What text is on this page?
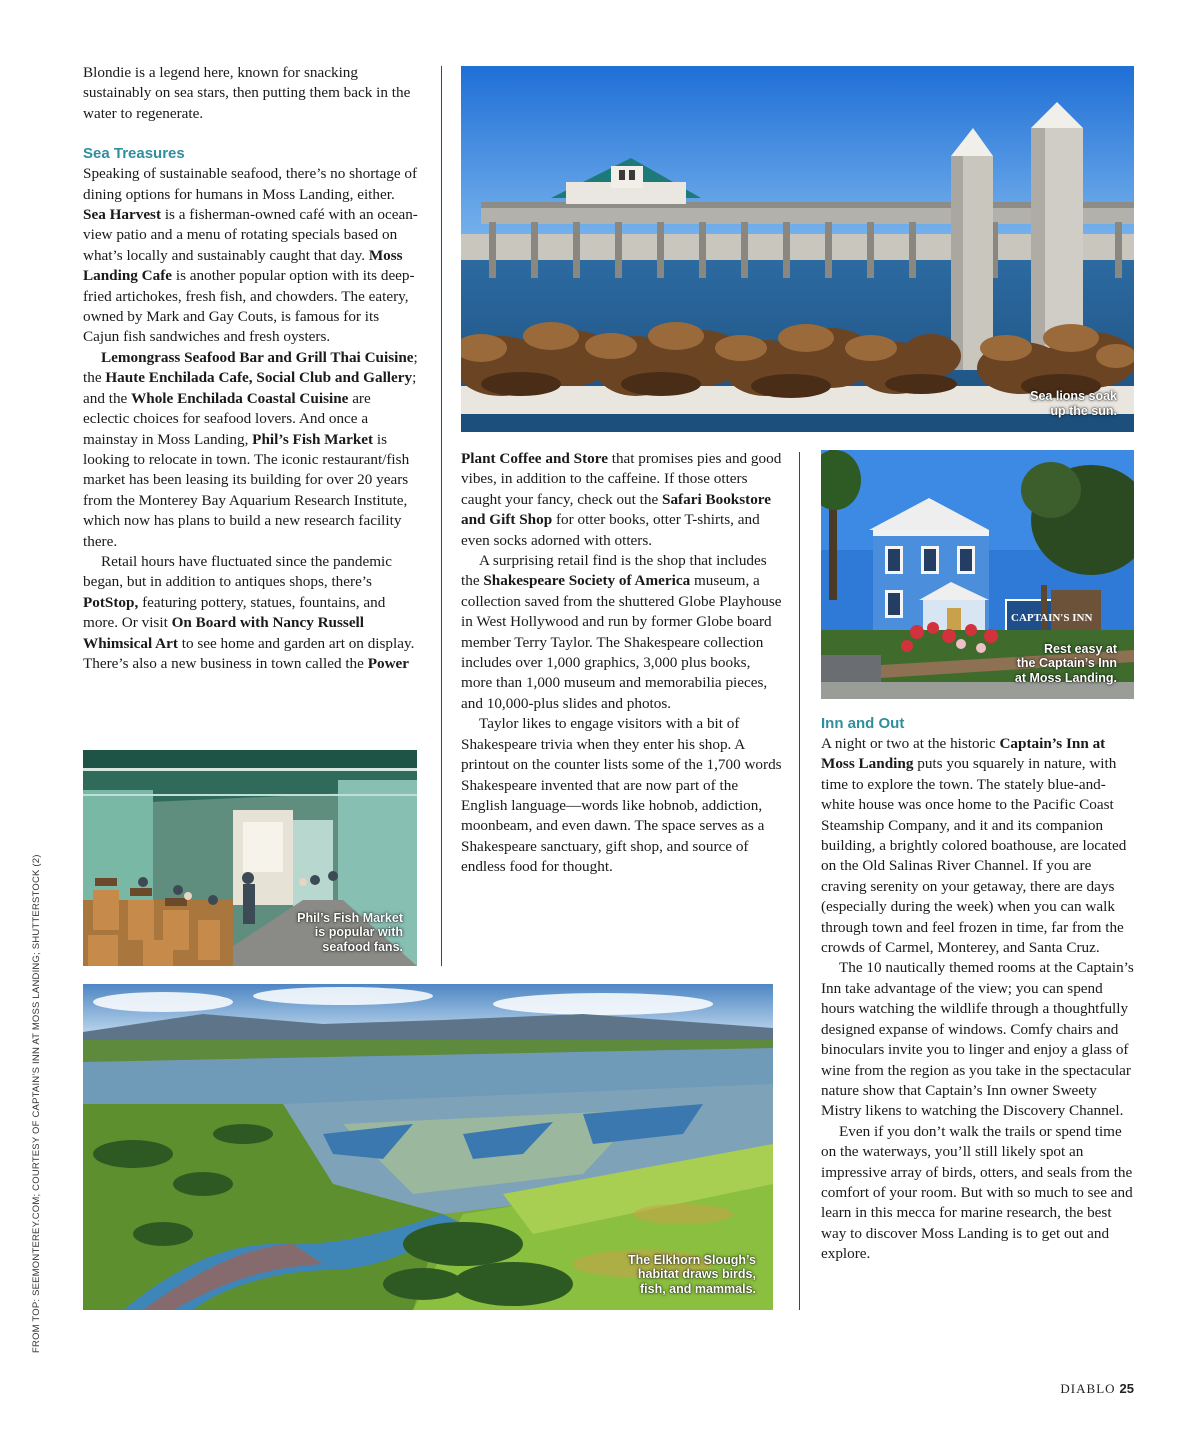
Blondie is a legend here, known for snacking sustainably on sea stars, then putting them back in the water to regenerate.

Sea Treasures

Speaking of sustainable seafood, there’s no shortage of dining options for humans in Moss Landing, either. Sea Harvest is a fisherman-owned café with an ocean-view patio and a menu of rotating specials based on what’s locally and sustainably caught that day. Moss Landing Cafe is another popular option with its deep-fried artichokes, fresh fish, and chowders. The eatery, owned by Mark and Gay Couts, is famous for its Cajun fish sandwiches and fresh oysters.

Lemongrass Seafood Bar and Grill Thai Cuisine; the Haute Enchilada Cafe, Social Club and Gallery; and the Whole Enchilada Coastal Cuisine are eclectic choices for seafood lovers. And once a mainstay in Moss Landing, Phil’s Fish Market is looking to relocate in town. The iconic restaurant/fish market has been leasing its building for over 20 years from the Monterey Bay Aquarium Research Institute, which now has plans to build a new research facility there.

Retail hours have fluctuated since the pandemic began, but in addition to antiques shops, there’s PotStop, featuring pottery, statues, fountains, and more. Or visit On Board with Nancy Russell Whimsical Art to see home and garden art on display. There’s also a new business in town called the Power

Phil’s Fish Market
is popular with
seafood fans.
Sea lions soak
up the sun.

Plant Coffee and Store that promises pies and good vibes, in addition to the caffeine. If those otters caught your fancy, check out the Safari Bookstore and Gift Shop for otter books, otter T-shirts, and even socks adorned with otters.

A surprising retail find is the shop that includes the Shakespeare Society of America museum, a collection saved from the shuttered Globe Playhouse in West Hollywood and run by former Globe board member Terry Taylor. The Shakespeare collection includes over 1,000 graphics, 3,000 plus books, more than 1,000 museum and memorabilia pieces, and 10,000-plus slides and photos.

Taylor likes to engage visitors with a bit of Shakespeare trivia when they enter his shop. A printout on the counter lists some of the 1,700 words Shakespeare invented that are now part of the English language—words like hobnob, addiction, moonbeam, and even dawn. The space serves as a Shakespeare sanctuary, gift shop, and source of endless food for thought.

CAPTAIN'S INN
Rest easy at
the Captain’s Inn
at Moss Landing.
Inn and Out

A night or two at the historic Captain’s Inn at Moss Landing puts you squarely in nature, with time to explore the town. The stately blue-and-white house was once home to the Pacific Coast Steamship Company, and it and its companion building, a brightly colored boathouse, are located on the Old Salinas River Channel. If you are craving serenity on your getaway, there are days (especially during the week) when you can walk through town and feel frozen in time, far from the crowds of Carmel, Monterey, and Santa Cruz.

The 10 nautically themed rooms at the Captain’s Inn take advantage of the view; you can spend hours watching the wildlife through a thoughtfully designed expanse of windows. Comfy chairs and binoculars invite you to linger and enjoy a glass of wine from the region as you take in the spectacular nature show that Captain’s Inn owner Sweety Mistry likens to watching the Discovery Channel.

Even if you don’t walk the trails or spend time on the waterways, you’ll still likely spot an impressive array of birds, otters, and seals from the comfort of your room. But with so much to see and learn in this mecca for marine research, the best way to discover Moss Landing is to get out and explore.

The Elkhorn Slough’s
habitat draws birds,
fish, and mammals.
FROM TOP: SEEMONTEREY.COM; COURTESY OF CAPTAIN’S INN AT MOSS LANDING; SHUTTERSTOCK (2)
DIABLO 25
